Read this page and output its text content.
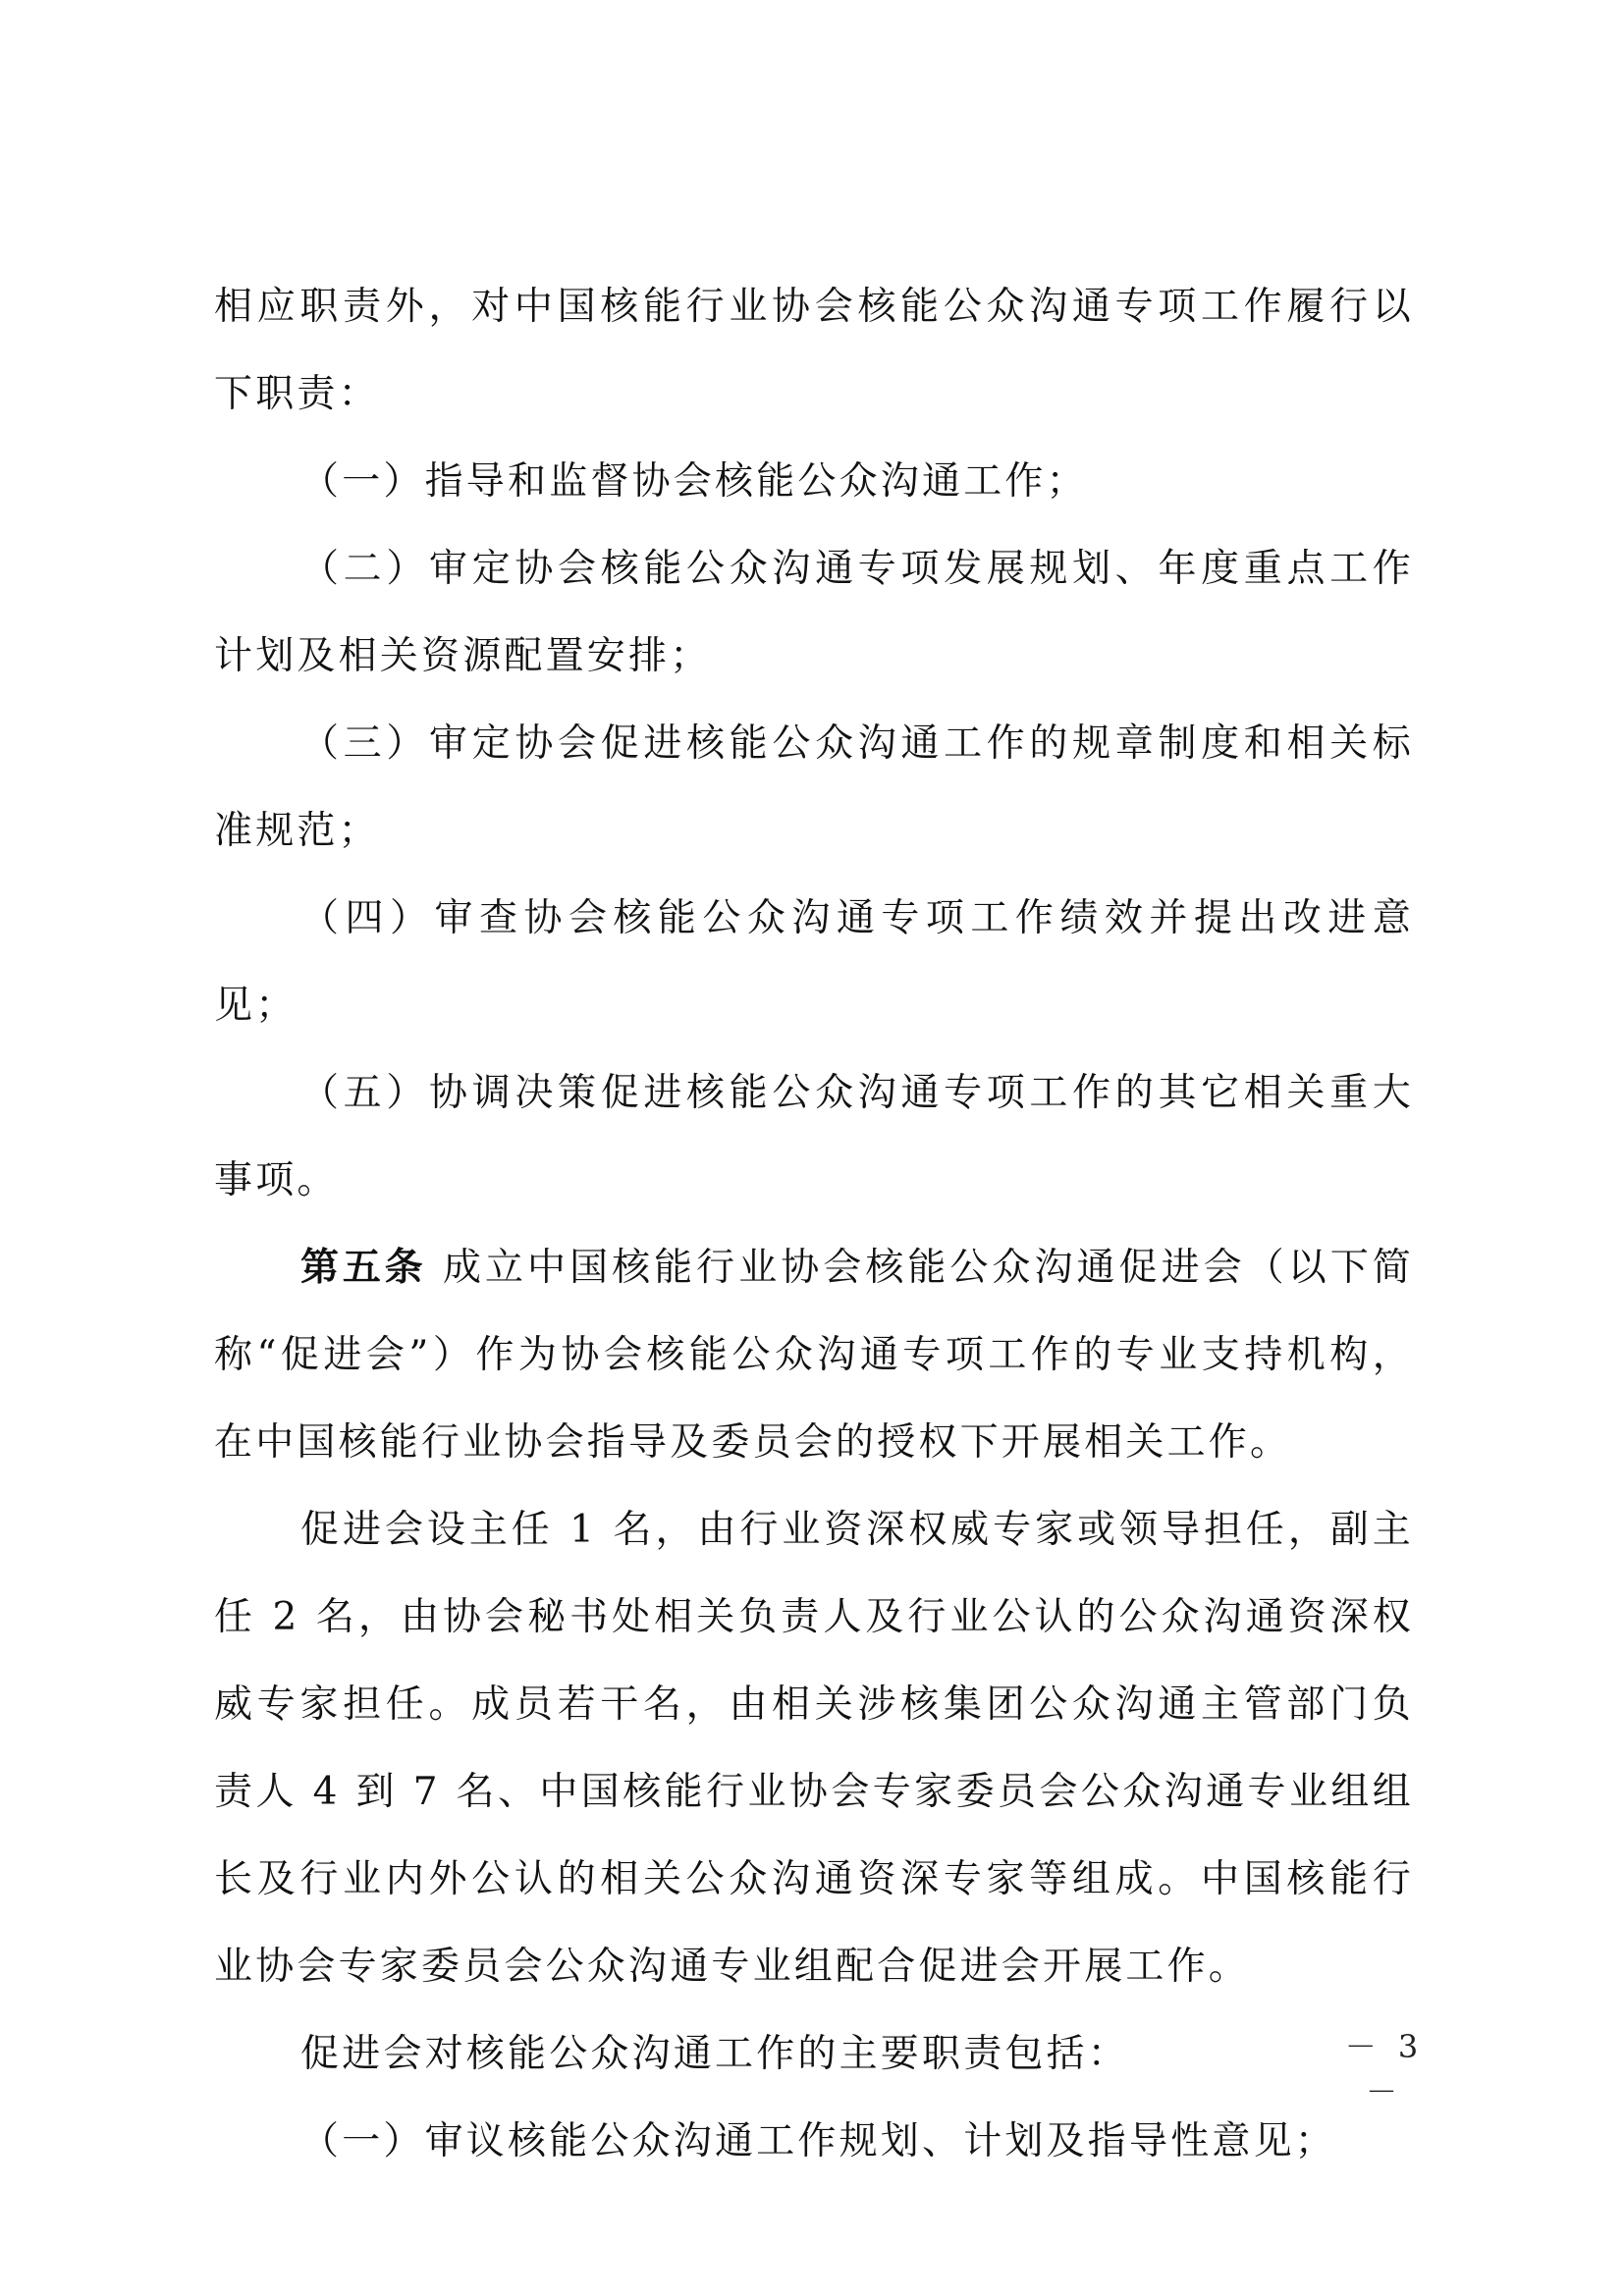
相应职责外，对中国核能行业协会核能公众沟通专项工作履行以下职责：

（一）指导和监督协会核能公众沟通工作；

（二）审定协会核能公众沟通专项发展规划、年度重点工作计划及相关资源配置安排；

（三）审定协会促进核能公众沟通工作的规章制度和相关标准规范；

（四）审查协会核能公众沟通专项工作绩效并提出改进意见；

（五）协调决策促进核能公众沟通专项工作的其它相关重大事项。

第五条 成立中国核能行业协会核能公众沟通促进会（以下简称“促进会”）作为协会核能公众沟通专项工作的专业支持机构，在中国核能行业协会指导及委员会的授权下开展相关工作。

促进会设主任 1 名，由行业资深权威专家或领导担任，副主任 2 名，由协会秘书处相关负责人及行业公认的公众沟通资深权威专家担任。成员若干名，由相关涉核集团公众沟通主管部门负责人 4 到 7 名、中国核能行业协会专家委员会公众沟通专业组组长及行业内外公认的相关公众沟通资深专家等组成。中国核能行业协会专家委员会公众沟通专业组配合促进会开展工作。

促进会对核能公众沟通工作的主要职责包括：

（一）审议核能公众沟通工作规划、计划及指导性意见；

－ 3 －
